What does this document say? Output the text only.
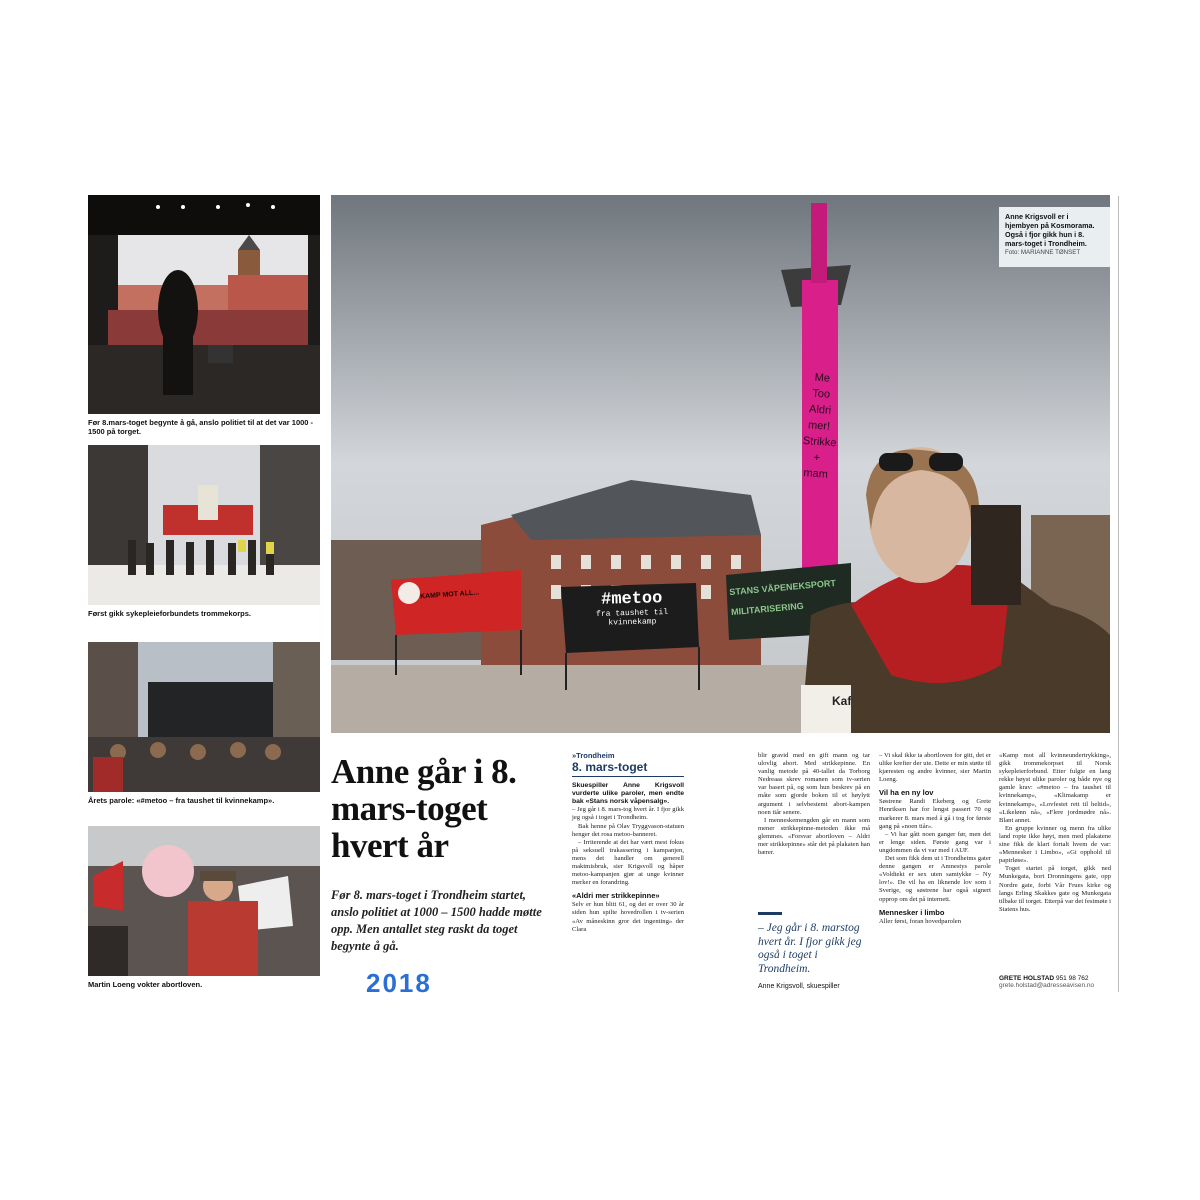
Før 8.mars-toget begynte å gå, anslo politiet til at det var 1000 - 1500 på torget.
Først gikk sykepleieforbundets trommekorps.
Årets parole: «#metoo – fra taushet til kvinnekamp».
Martin Loeng vokter abortloven.
Me Too Aldri mer! Strikke + mam
KAMP MOT ALL...	#metoo
fra taushet til
kvinnekamp
STANS VÅPENEKSPORT
MILITARISERING
Kaf
Anne Krigsvoll er i hjembyen på Kosmorama. Også i fjor gikk hun i 8. mars-toget i Trondheim.
Foto: MARIANNE TØNSET
Anne går i 8. mars-toget hvert år
Før 8. mars-toget i Trondheim startet, anslo politiet at 1000 – 1500 hadde møtte opp. Men antallet steg raskt da toget begynte å gå.
2018
»Trondheim
8. mars-toget

Skuespiller Anne Krigsvoll vurderte ulike paroler, men endte bak «Stans norsk våpensalg».

– Jeg går i 8. mars-tog hvert år. I fjor gikk jeg også i toget i Trondheim.

Bak henne på Olav Tryggvason-statuen henger det rosa metoo-banneret.

– Irriterende at det har vært mest fokus på seksuell trakassering i kampanjen, mens det handler om generell maktmisbruk, sier Krigsvoll og håper metoo-kampanjen gjør at unge kvinner merker en forandring.

«Aldri mer strikkepinne»

Selv er hun blitt 61, og det er over 30 år siden hun spilte hovedrollen i tv-serien «Av måneskinn gror det ingenting» der Clara

blir gravid med en gift mann og tar ulovlig abort. Med strikkepinne. En vanlig metode på 40-tallet da Torborg Nedreaas skrev romanen som tv-serien var basert på, og som hun beskrev på en måte som gjorde boken til et høylytt argument i selvbestemt abort-kampen noen tiår senere.

I menneskemengden går en mann som mener strikkepinne-metoden ikke må glemmes. «Forsvar abortloven – Aldri mer strikkepinne» står det på plakaten han bærer.

– Jeg går i 8. marstog hvert år. I fjor gikk jeg også i toget i Trondheim.
Anne Krigsvoll, skuespiller

– Vi skal ikke ta abortloven for gitt, det er ulike krefter der ute. Dette er min støtte til kjæresten og andre kvinner, sier Martin Loeng.

Vil ha en ny lov

Søstrene Randi Ekeberg og Grete Henriksen har for lengst passert 70 og markerer 8. mars med å gå i tog for første gang på «noen tiår».

– Vi har gått noen ganger før, men det er lenge siden. Første gang var i ungdommen da vi var med i AUF.

Det som fikk dem ut i Trondheims gater denne gangen er Amnestys parole «Voldtekt er sex uten samtykke – Ny lov!». De vil ha en liknende lov som i Sverige, og søstrene har også signert opprop om det på internett.

Mennesker i limbo

Aller først, foran hovedparolen

«Kamp mot all kvinneundertrykking», gikk trommekorpset til Norsk sykepleierforbund. Etter fulgte en lang rekke høyst ulike paroler og både nye og gamle krav: «#metoo – fra taushet til kvinnekamp», «Klimakamp er kvinnekamp», «Lovfestet rett til heltid», «Likelønn nå», «Flere jordmødre nå». Blant annet.

En gruppe kvinner og menn fra ulike land ropte ikke høyt, men med plakatene sine fikk de klart fortalt hvem de var: «Mennesker i Limbo», «Gi opphold til papirløse».

Toget startet på torget, gikk ned Munkegata, bort Dronningens gate, opp Nordre gate, forbi Vår Frues kirke og langs Erling Skakkes gate og Munkegata tilbake til torget. Etterpå var det festmøte i Statens hus.

GRETE HOLSTAD 951 98 762
grete.holstad@adresseavisen.no
